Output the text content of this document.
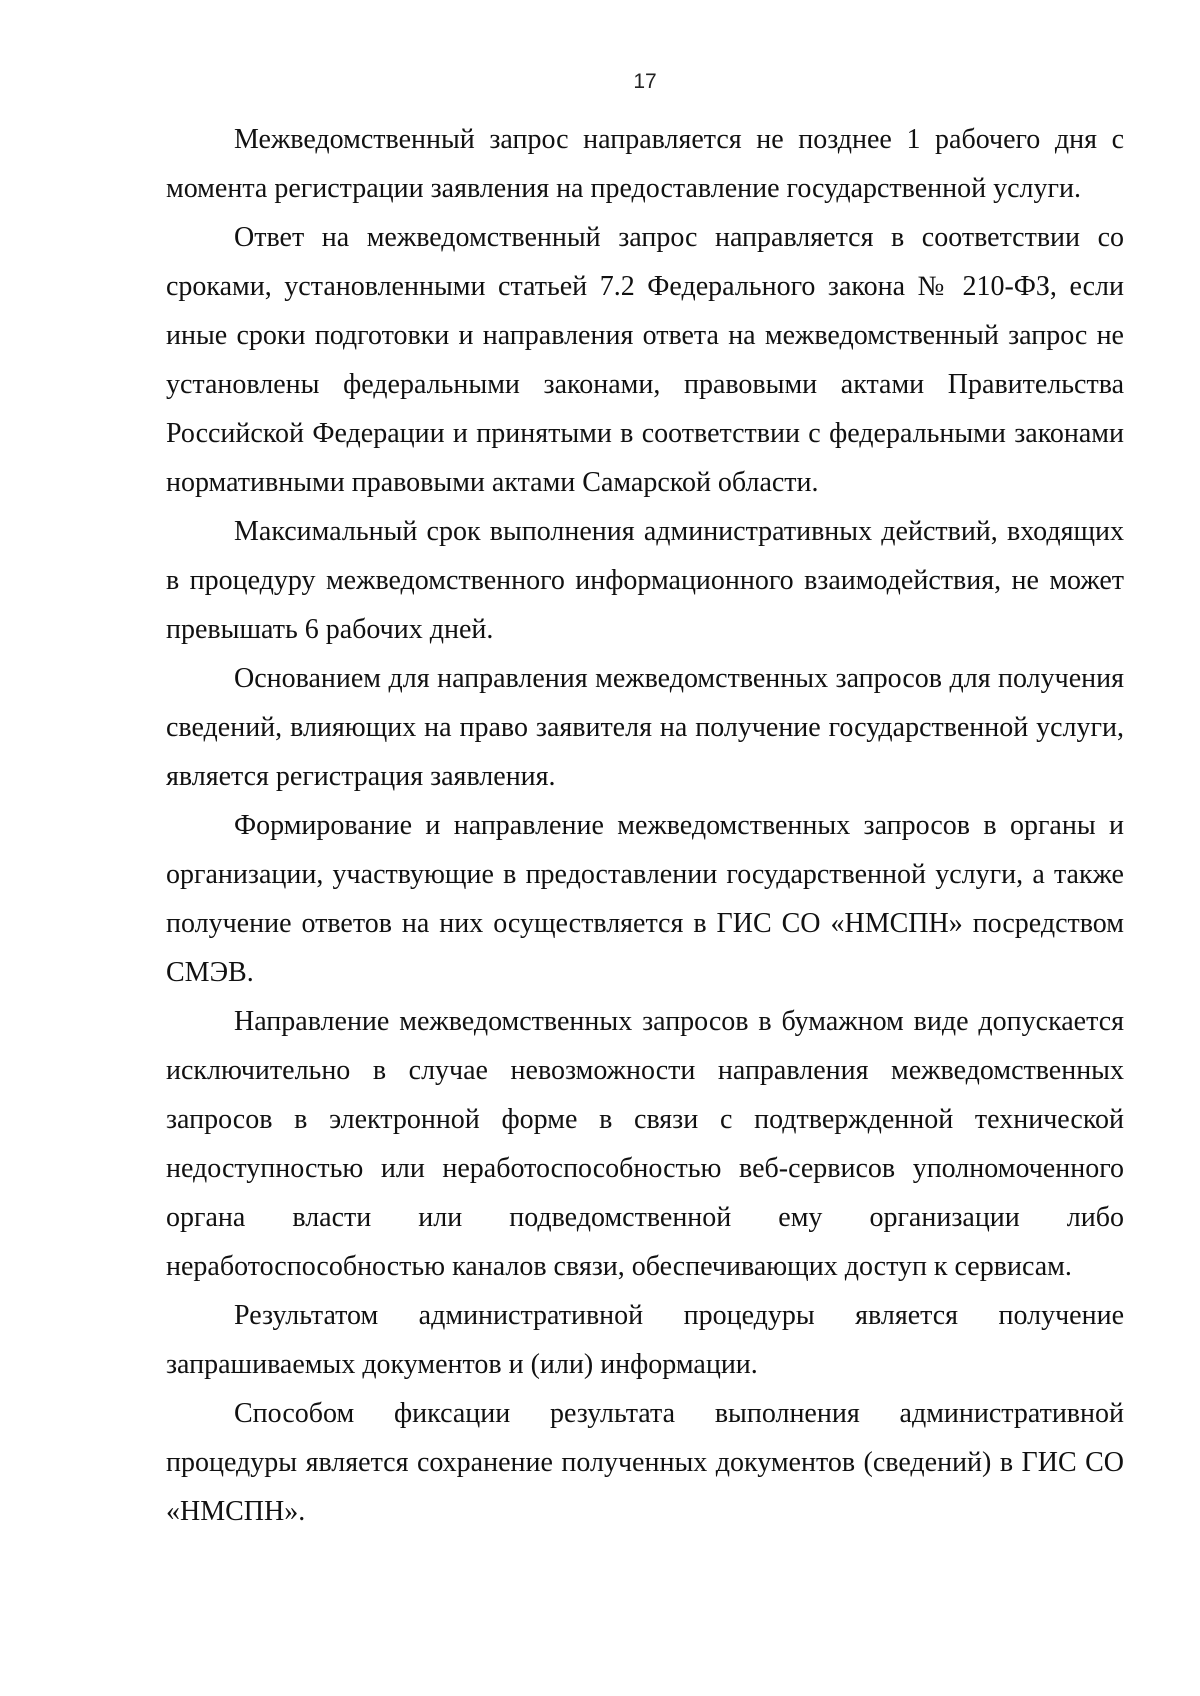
17

Межведомственный запрос направляется не позднее 1 рабочего дня с момента регистрации заявления на предоставление государственной услуги.

Ответ на межведомственный запрос направляется в соответствии со сроками, установленными статьей 7.2 Федерального закона № 210-ФЗ, если иные сроки подготовки и направления ответа на межведомственный запрос не установлены федеральными законами, правовыми актами Правительства Российской Федерации и принятыми в соответствии с федеральными законами нормативными правовыми актами Самарской области.

Максимальный срок выполнения административных действий, входящих в процедуру межведомственного информационного взаимодействия, не может превышать 6 рабочих дней.

Основанием для направления межведомственных запросов для получения сведений, влияющих на право заявителя на получение государственной услуги, является регистрация заявления.

Формирование и направление межведомственных запросов в органы и организации, участвующие в предоставлении государственной услуги, а также получение ответов на них осуществляется в ГИС СО «НМСПН» посредством СМЭВ.

Направление межведомственных запросов в бумажном виде допускается исключительно в случае невозможности направления межведомственных запросов в электронной форме в связи с подтвержденной технической недоступностью или неработоспособностью веб-сервисов уполномоченного органа власти или подведомственной ему организации либо неработоспособностью каналов связи, обеспечивающих доступ к сервисам.

Результатом административной процедуры является получение запрашиваемых документов и (или) информации.

Способом фиксации результата выполнения административной процедуры является сохранение полученных документов (сведений) в ГИС СО «НМСПН».
